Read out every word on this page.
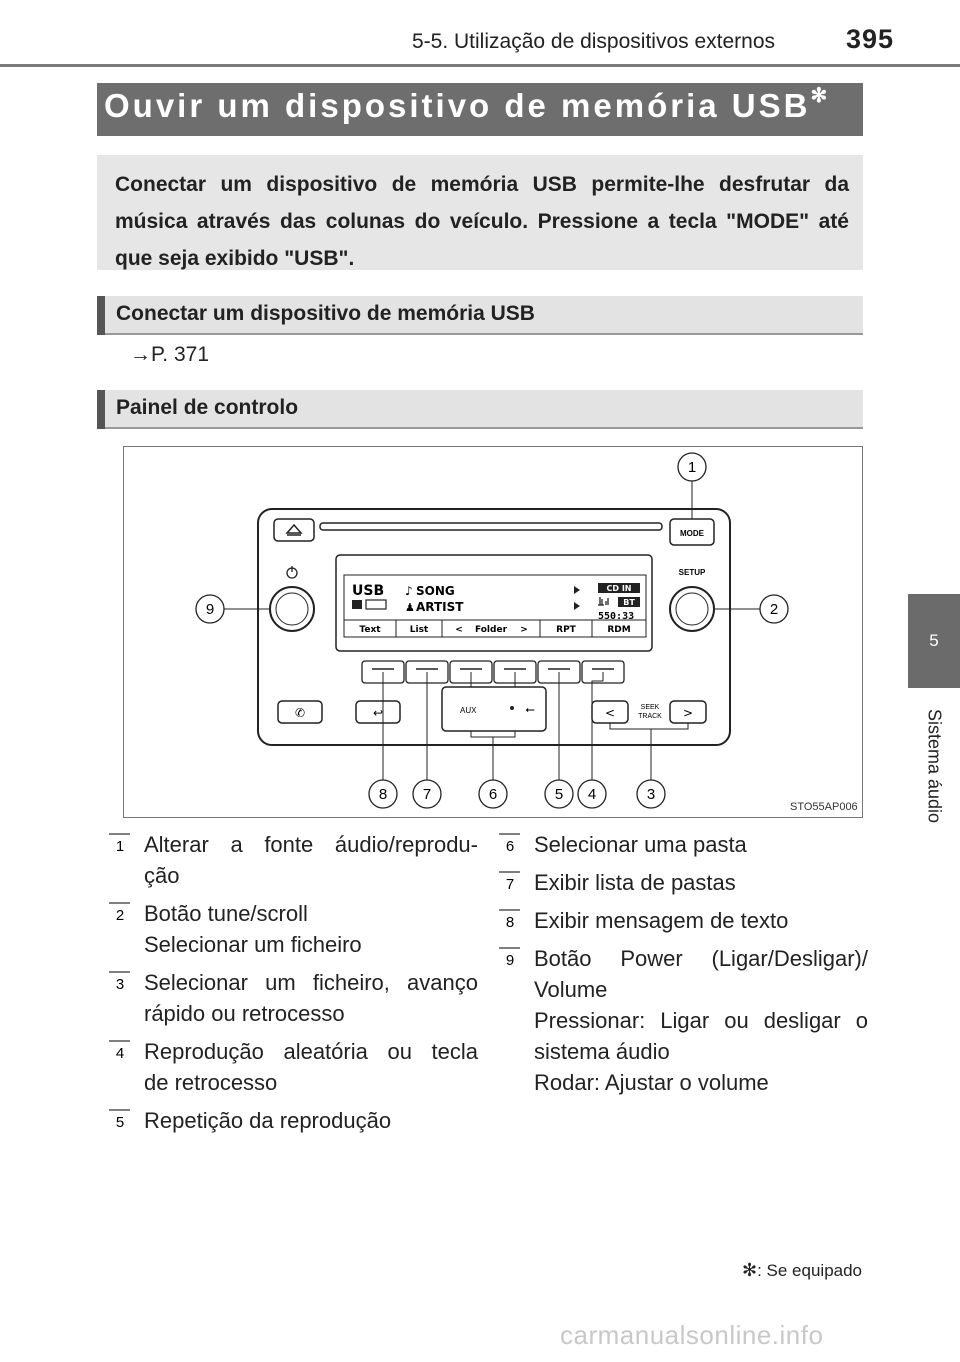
5-5. Utilização de dispositivos externos	395
5
Sistema áudio
Ouvir um dispositivo de memória USB✻
Conectar um dispositivo de memória USB permite-lhe desfrutar da música através das colunas do veículo. Pressione a tecla "MODE" até que seja exibido "USB".
Conectar um dispositivo de memória USB
→P. 371
Painel de controlo
MODE
SETUP
USB	SONG
ARTIST
♪
♟
CD IN
BT
550:33
Text	List	Folder
<	>	RPT	RDM
✆	↩	AUX	⭠	<	SEEK
TRACK >
1
2
3
4
5
6
7
8
9
STO55AP006
1 Alterar a fonte áudio/reprodu-
ção
2 Botão tune/scroll
Selecionar um ficheiro
3 Selecionar um ficheiro, avanço
rápido ou retrocesso
4 Reprodução aleatória ou tecla
de retrocesso
5 Repetição da reprodução
6 Selecionar uma pasta
7 Exibir lista de pastas
8 Exibir mensagem de texto
9 Botão Power (Ligar/Desligar)/
Volume
Pressionar: Ligar ou desligar o
sistema áudio
Rodar: Ajustar o volume
✻: Se equipado
carmanualsonline.info
